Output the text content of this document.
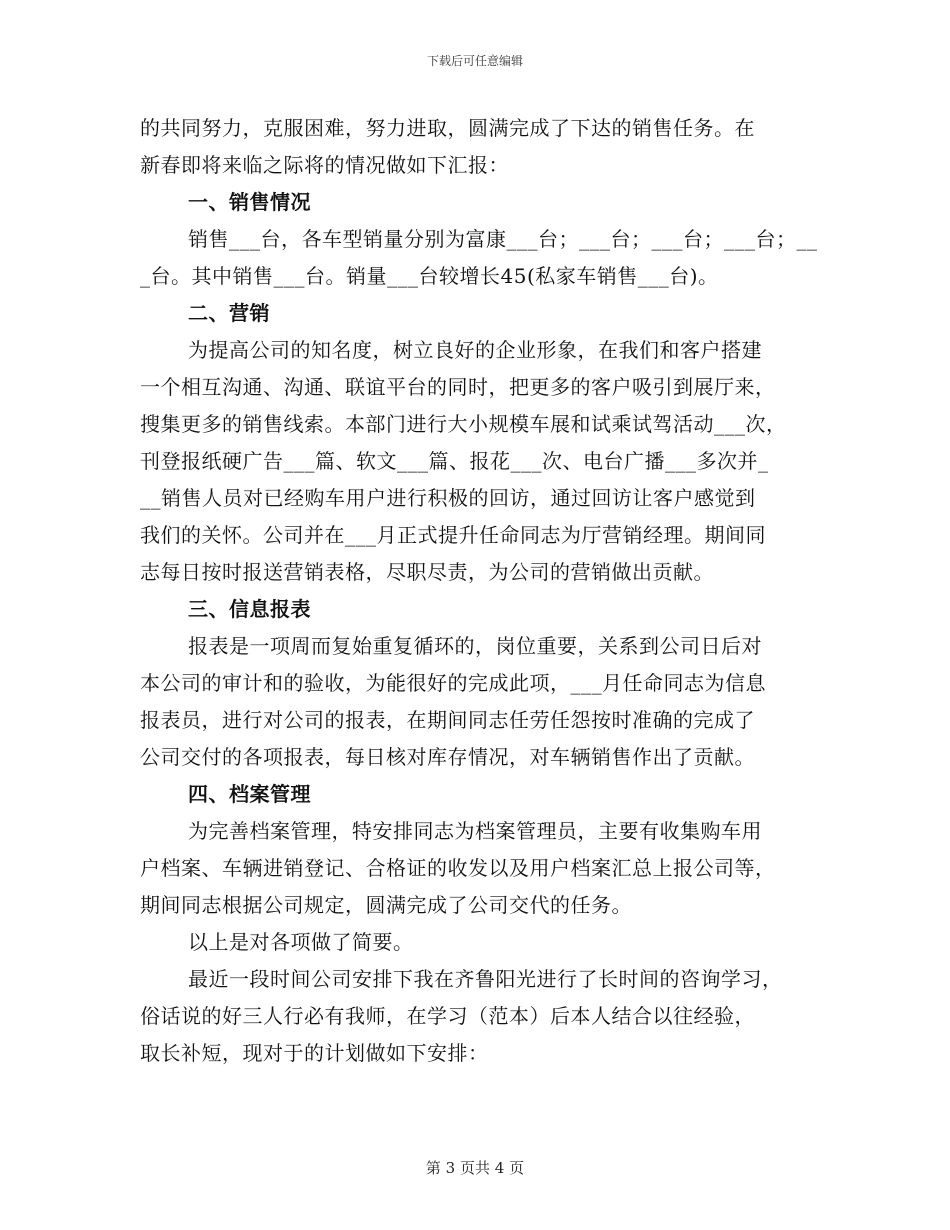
下载后可任意编辑
的共同努力，克服困难，努力进取，圆满完成了下达的销售任务。在
新春即将来临之际将的情况做如下汇报：
一、销售情况
销售___台，各车型销量分别为富康___台；___台；___台；___台；__
_台。其中销售___台。销量___台较增长45(私家车销售___台)。
二、营销
为提高公司的知名度，树立良好的企业形象，在我们和客户搭建
一个相互沟通、沟通、联谊平台的同时，把更多的客户吸引到展厅来，
搜集更多的销售线索。本部门进行大小规模车展和试乘试驾活动___次，
刊登报纸硬广告___篇、软文___篇、报花___次、电台广播___多次并_
__销售人员对已经购车用户进行积极的回访，通过回访让客户感觉到
我们的关怀。公司并在___月正式提升任命同志为厅营销经理。期间同
志每日按时报送营销表格，尽职尽责，为公司的营销做出贡献。
三、信息报表
报表是一项周而复始重复循环的，岗位重要，关系到公司日后对
本公司的审计和的验收，为能很好的完成此项，___月任命同志为信息
报表员，进行对公司的报表，在期间同志任劳任怨按时准确的完成了
公司交付的各项报表，每日核对库存情况，对车辆销售作出了贡献。
四、档案管理
为完善档案管理，特安排同志为档案管理员，主要有收集购车用
户档案、车辆进销登记、合格证的收发以及用户档案汇总上报公司等，
期间同志根据公司规定，圆满完成了公司交代的任务。
以上是对各项做了简要。
最近一段时间公司安排下我在齐鲁阳光进行了长时间的咨询学习，
俗话说的好三人行必有我师，在学习（范本）后本人结合以往经验，
取长补短，现对于的计划做如下安排：
第 3 页共 4 页
